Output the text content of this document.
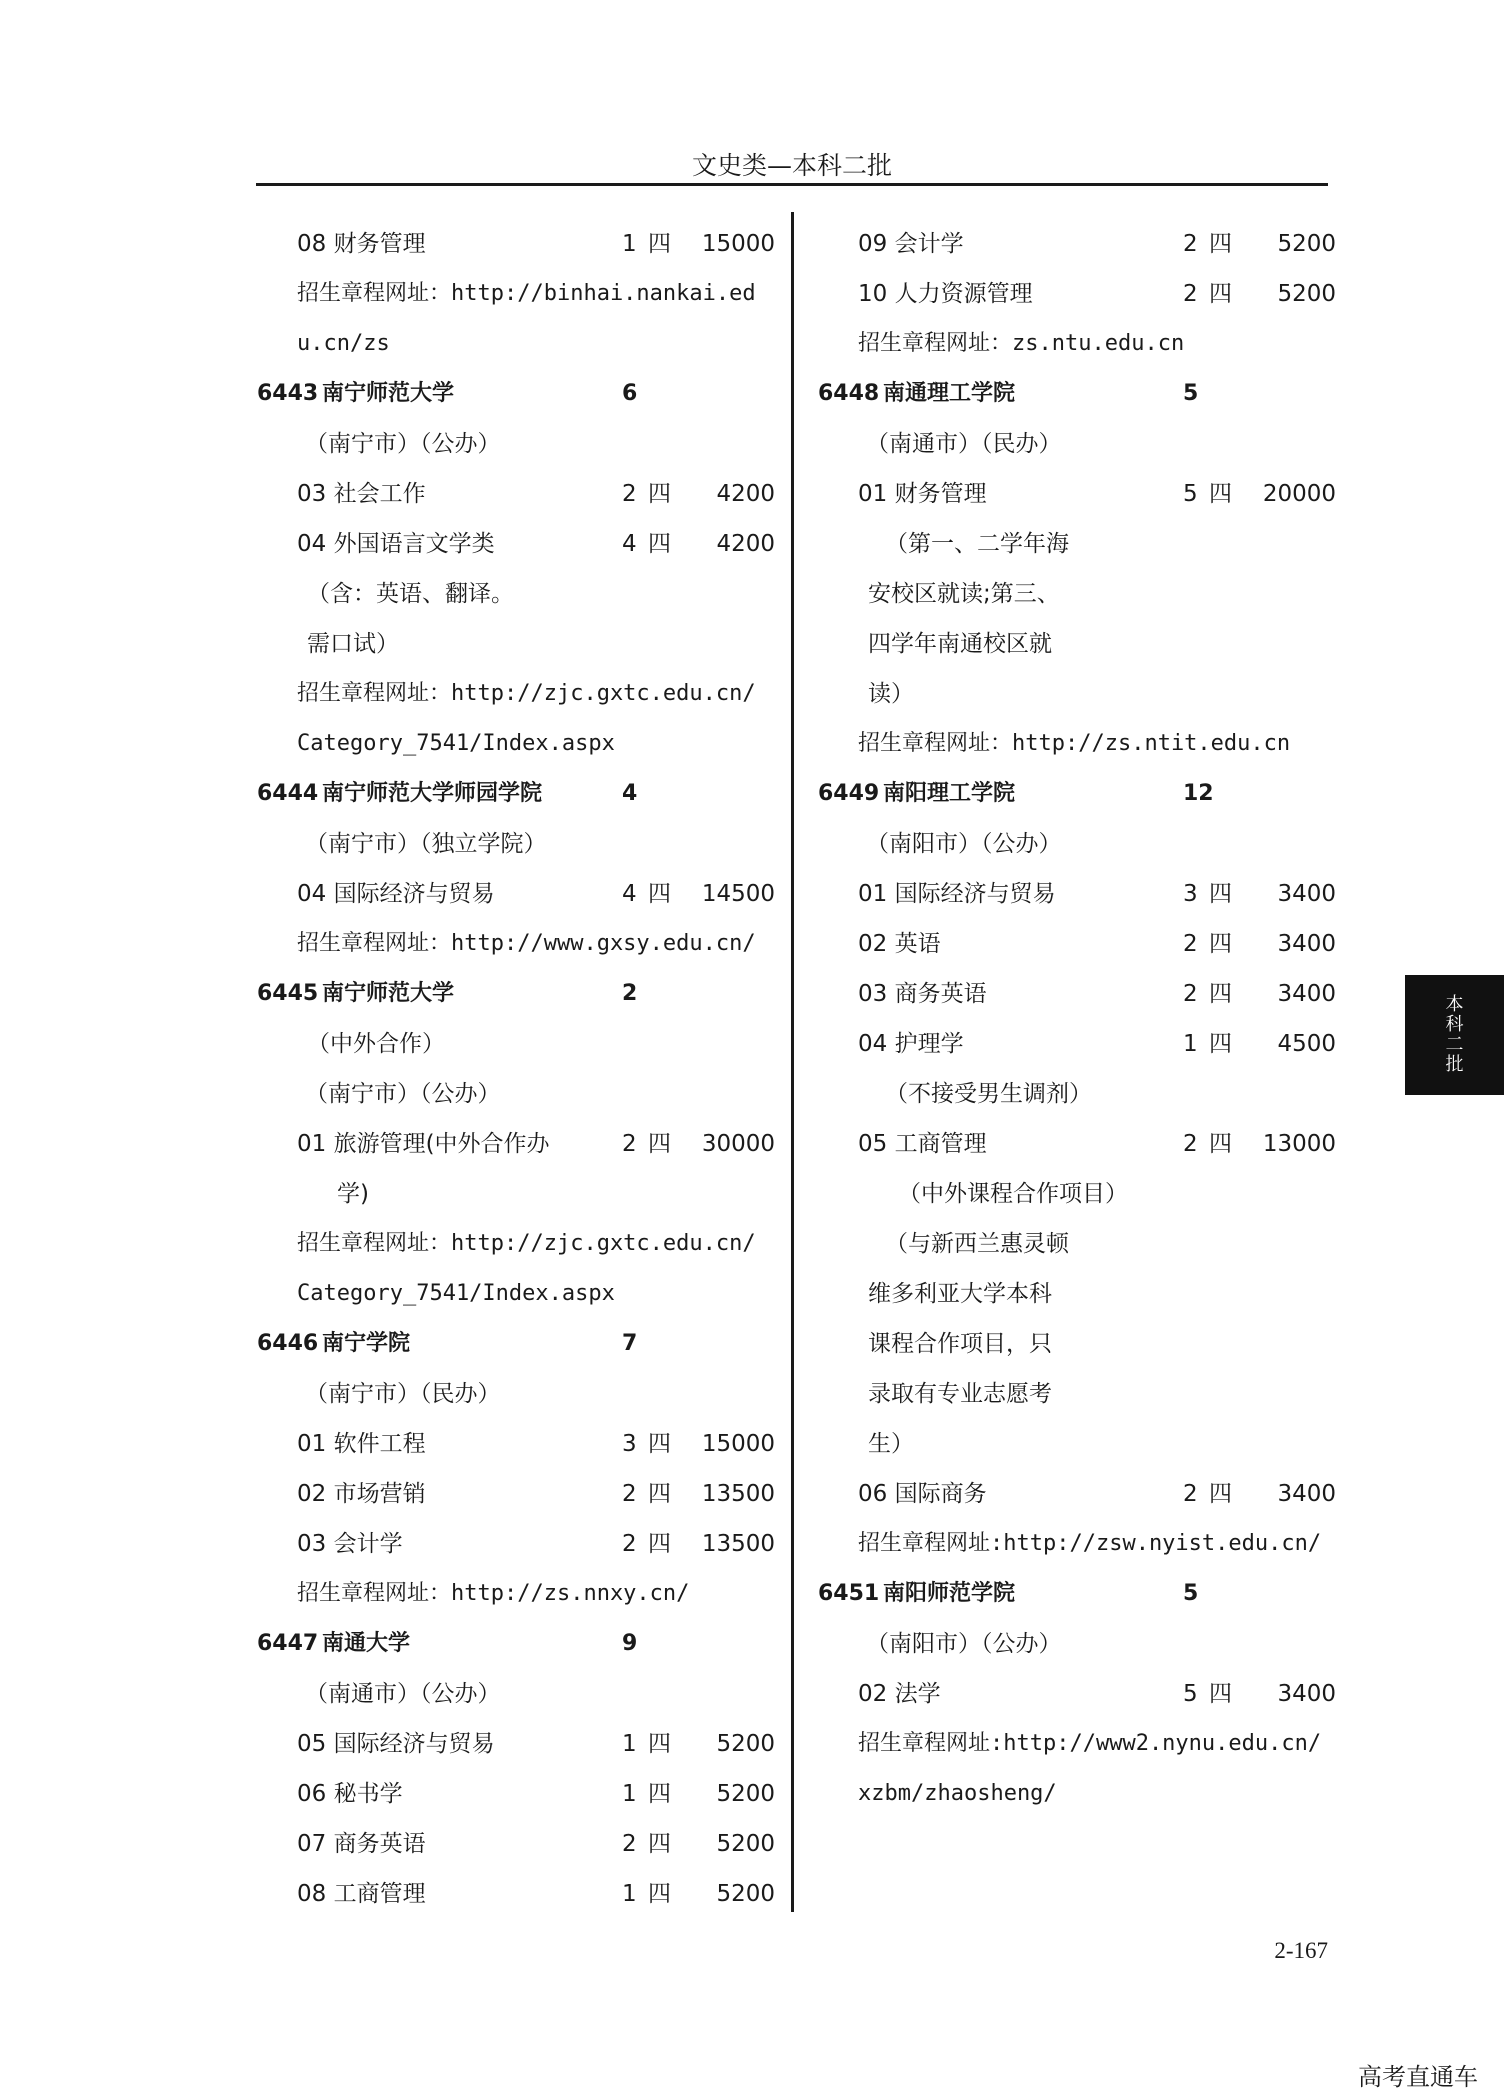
文史类—本科二批
08 财务管理	1 四	15000
招生章程网址：http://binhai.nankai.ed
u.cn/zs
6443 南宁师范大学	6
（南宁市）（公办）
03 社会工作	2 四	4200
04 外国语言文学类	4 四	4200
（含：英语、翻译。
需口试）
招生章程网址：http://zjc.gxtc.edu.cn/
Category_7541/Index.aspx
6444 南宁师范大学师园学院	4
（南宁市）（独立学院）
04 国际经济与贸易	4 四	14500
招生章程网址：http://www.gxsy.edu.cn/
6445 南宁师范大学	2
（中外合作）
（南宁市）（公办）
01 旅游管理(中外合作办	2 四	30000
学)
招生章程网址：http://zjc.gxtc.edu.cn/
Category_7541/Index.aspx
6446 南宁学院	7
（南宁市）（民办）
01 软件工程	3 四	15000
02 市场营销	2 四	13500
03 会计学	2 四	13500
招生章程网址：http://zs.nnxy.cn/
6447 南通大学	9
（南通市）（公办）
05 国际经济与贸易	1 四	5200
06 秘书学	1 四	5200
07 商务英语	2 四	5200
08 工商管理	1 四	5200
09 会计学	2 四	5200
10 人力资源管理	2 四	5200
招生章程网址：zs.ntu.edu.cn
6448 南通理工学院	5
（南通市）（民办）
01 财务管理	5 四	20000
（第一、二学年海
安校区就读;第三、
四学年南通校区就
读）
招生章程网址：http://zs.ntit.edu.cn
6449 南阳理工学院	12
（南阳市）（公办）
01 国际经济与贸易	3 四	3400
02 英语	2 四	3400
03 商务英语	2 四	3400
04 护理学	1 四	4500
（不接受男生调剂）
05 工商管理	2 四	13000
（中外课程合作项目）
（与新西兰惠灵顿
维多利亚大学本科
课程合作项目，只
录取有专业志愿考
生）
06 国际商务	2 四	3400
招生章程网址:http://zsw.nyist.edu.cn/
6451 南阳师范学院	5
（南阳市）（公办）
02 法学	5 四	3400
招生章程网址:http://www2.nynu.edu.cn/
xzbm/zhaosheng/
本科二批
2-167
高考直通车
